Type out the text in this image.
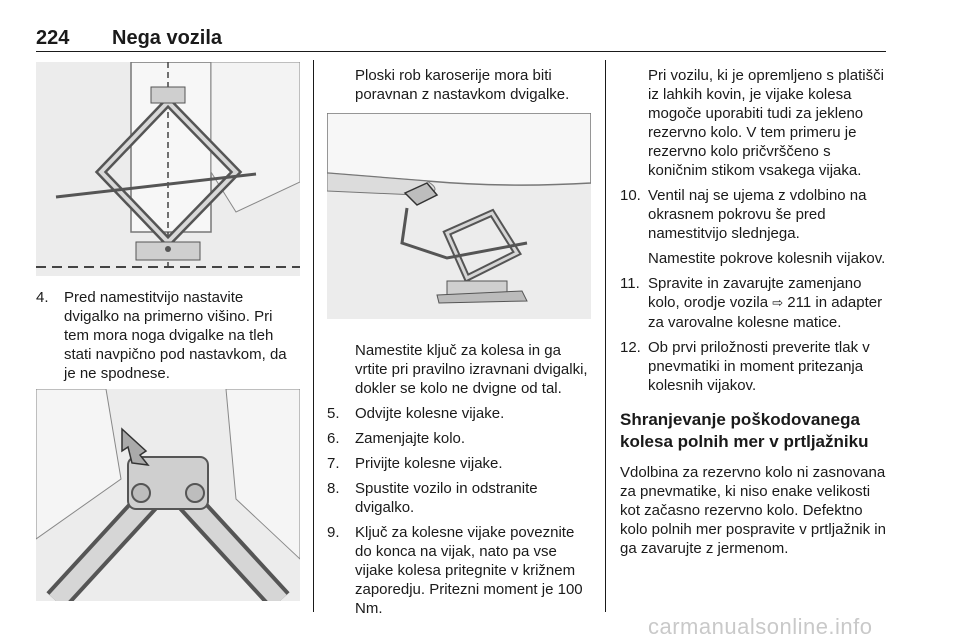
224 Nega vozila
4. Pred namestitvijo nastavite dvigalko na primerno višino. Pri tem mora noga dvigalke na tleh stati navpično pod nastavkom, da je ne spodnese.

Ploski rob karoserije mora biti poravnan z nastavkom dvigalke.

Namestite ključ za kolesa in ga vrtite pri pravilno izravnani dvigalki, dokler se kolo ne dvigne od tal.

5. Odvijte kolesne vijake.

6. Zamenjajte kolo.

7. Privijte kolesne vijake.

8. Spustite vozilo in odstranite dvigalko.

9. Ključ za kolesne vijake poveznite do konca na vijak, nato pa vse vijake kolesa pritegnite v križnem zaporedju. Pritezni moment je 100 Nm.

Pri vozilu, ki je opremljeno s platišči iz lahkih kovin, je vijake kolesa mogoče uporabiti tudi za jekleno rezervno kolo. V tem primeru je rezervno kolo pričvrščeno s koničnim stikom vsakega vijaka.

10. Ventil naj se ujema z vdolbino na okrasnem pokrovu še pred namestitvijo slednjega.

Namestite pokrove kolesnih vijakov.

11. Spravite in zavarujte zamenjano kolo, orodje vozila ⇨ 211 in adapter za varovalne kolesne matice.

12. Ob prvi priložnosti preverite tlak v pnevmatiki in moment pritezanja kolesnih vijakov.

Shranjevanje poškodovanega kolesa polnih mer v prtljažniku

Vdolbina za rezervno kolo ni zasnovana za pnevmatike, ki niso enake velikosti kot začasno rezervno kolo. Defektno kolo polnih mer pospravite v prtljažnik in ga zavarujte z jermenom.

carmanualsonline.info
